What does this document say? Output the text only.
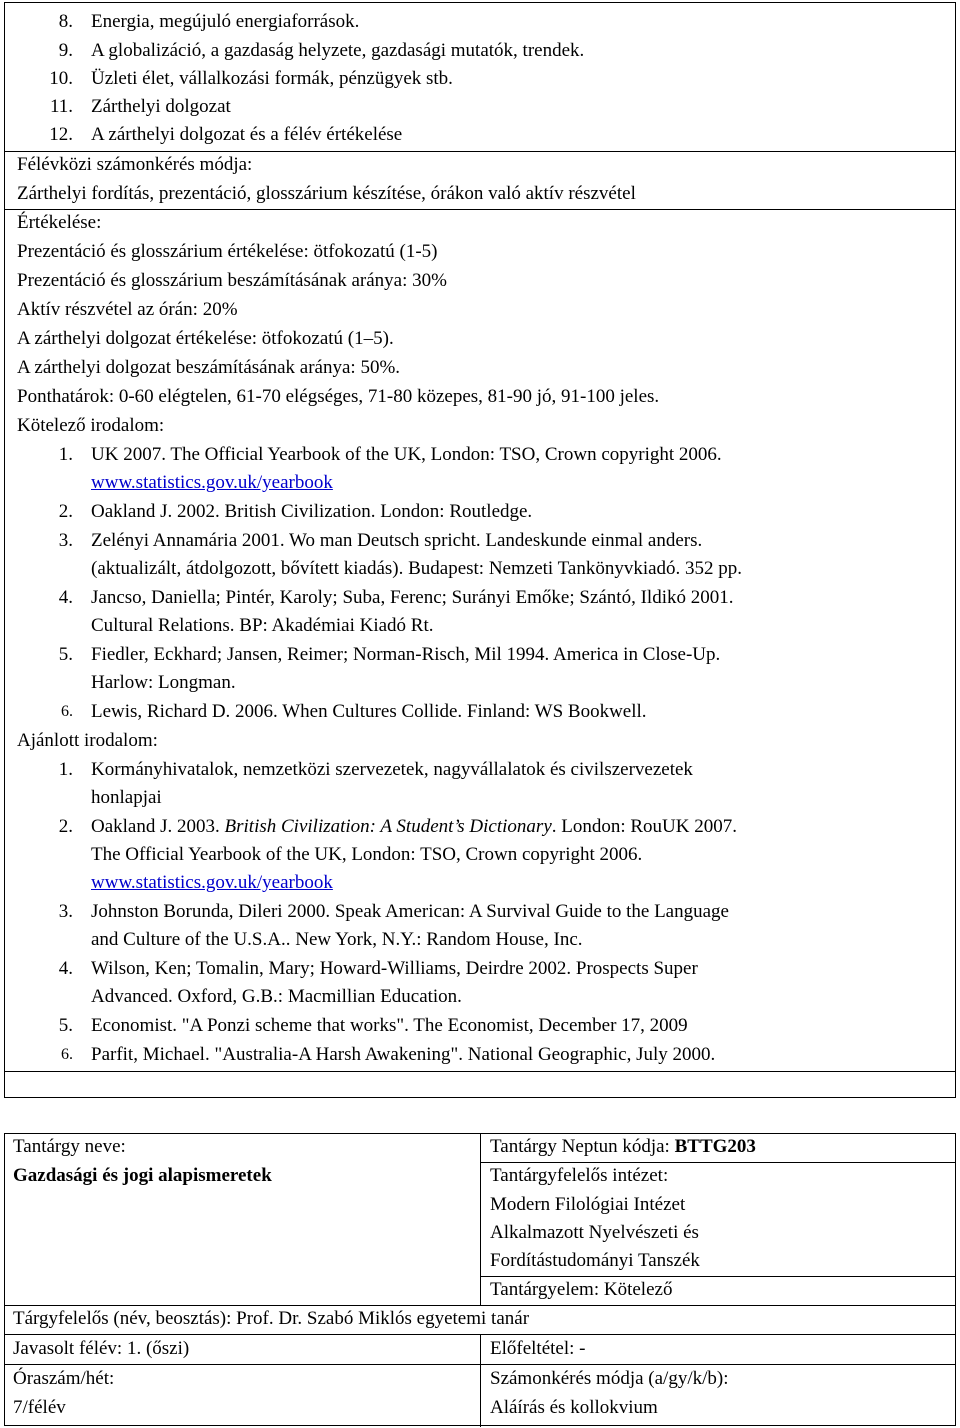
8. Energia, megújuló energiaforrások.
9. A globalizáció, a gazdaság helyzete, gazdasági mutatók, trendek.
10. Üzleti élet, vállalkozási formák, pénzügyek stb.
11. Zárthelyi dolgozat
12. A zárthelyi dolgozat és a félév értékelése
Félévközi számonkérés módja:
Zárthelyi fordítás, prezentáció, glosszárium készítése, órákon való aktív részvétel
Értékelése:
Prezentáció és glosszárium értékelése: ötfokozatú (1-5)
Prezentáció és glosszárium beszámításának aránya: 30%
Aktív részvétel az órán: 20%
A zárthelyi dolgozat értékelése: ötfokozatú (1–5).
A zárthelyi dolgozat beszámításának aránya: 50%.
Ponthatárok: 0-60 elégtelen, 61-70 elégséges, 71-80 közepes, 81-90 jó, 91-100 jeles.
Kötelező irodalom:
1. UK 2007. The Official Yearbook of the UK, London: TSO, Crown copyright 2006.
www.statistics.gov.uk/yearbook
2. Oakland J. 2002. British Civilization. London: Routledge.
3. Zelényi Annamária 2001. Wo man Deutsch spricht. Landeskunde einmal anders.
(aktualizált, átdolgozott, bővített kiadás). Budapest: Nemzeti Tankönyvkiadó. 352 pp.
4. Jancso, Daniella; Pintér, Karoly; Suba, Ferenc; Surányi Emőke; Szántó, Ildikó 2001.
Cultural Relations. BP: Akadémiai Kiadó Rt.
5. Fiedler, Eckhard; Jansen, Reimer; Norman-Risch, Mil 1994. America in Close-Up.
Harlow: Longman.
6. Lewis, Richard D. 2006. When Cultures Collide. Finland: WS Bookwell.
Ajánlott irodalom:
1. Kormányhivatalok, nemzetközi szervezetek, nagyvállalatok és civilszervezetek
honlapjai
2. Oakland J. 2003. British Civilization: A Student’s Dictionary. London: RouUK 2007.
The Official Yearbook of the UK, London: TSO, Crown copyright 2006.
www.statistics.gov.uk/yearbook
3. Johnston Borunda, Dileri 2000. Speak American: A Survival Guide to the Language
and Culture of the U.S.A.. New York, N.Y.: Random House, Inc.
4. Wilson, Ken; Tomalin, Mary; Howard-Williams, Deirdre 2002. Prospects Super
Advanced. Oxford, G.B.: Macmillian Education.
5. Economist. "A Ponzi scheme that works". The Economist, December 17, 2009
6. Parfit, Michael. "Australia-A Harsh Awakening". National Geographic, July 2000.
Tantárgy neve:
Gazdasági és jogi alapismeretek
Tantárgy Neptun kódja: BTTG203
Tantárgyfelelős intézet:
Modern Filológiai Intézet
Alkalmazott Nyelvészeti és
Fordítástudományi Tanszék
Tantárgyelem: Kötelező
Tárgyfelelős (név, beosztás): Prof. Dr. Szabó Miklós egyetemi tanár
Javasolt félév: 1. (őszi)	Előfeltétel: -
Óraszám/hét:
7/félév
Számonkérés módja (a/gy/k/b):
Aláírás és kollokvium
